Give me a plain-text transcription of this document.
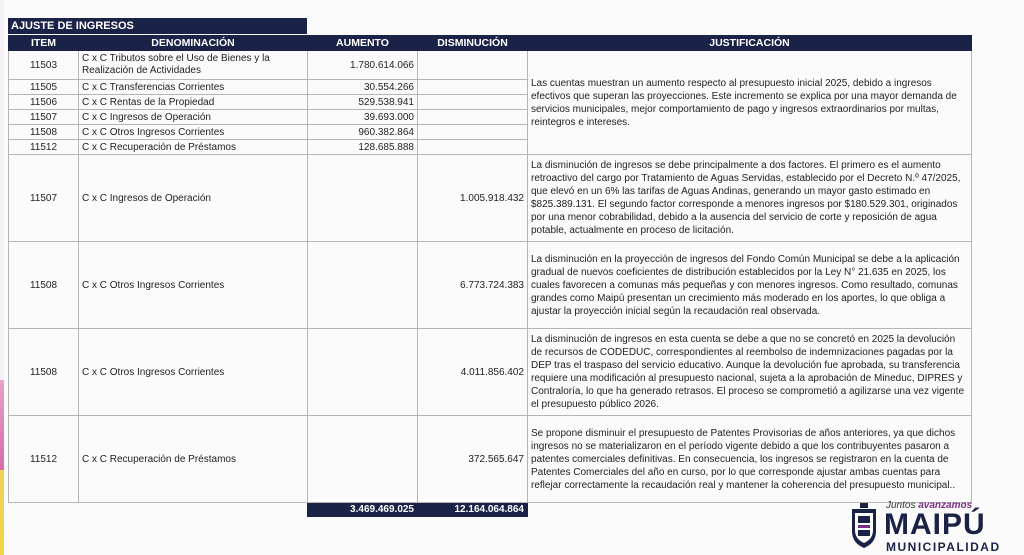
AJUSTE DE INGRESOS
ITEM	DENOMINACIÓN	AUMENTO	DISMINUCIÓN	JUSTIFICACIÓN
11503	C x C Tributos sobre el Uso de Bienes y la Realización de Actividades	1.780.614.066		Las cuentas muestran un aumento respecto al presupuesto inicial 2025, debido a ingresos efectivos que superan las proyecciones. Este incremento se explica por una mayor demanda de servicios municipales, mejor comportamiento de pago y ingresos extraordinarios por multas, reintegros e intereses.
11505	C x C Transferencias Corrientes	30.554.266		
11506	C x C Rentas de la Propiedad	529.538.941		
11507	C x C Ingresos de Operación	39.693.000		
11508	C x C Otros Ingresos Corrientes	960.382.864		
11512	C x C Recuperación de Préstamos	128.685.888		
11507	C x C Ingresos de Operación		1.005.918.432	La disminución de ingresos se debe principalmente a dos factores. El primero es el aumento retroactivo del cargo por Tratamiento de Aguas Servidas, establecido por el Decreto N.º 47/2025, que elevó en un 6% las tarifas de Aguas Andinas, generando un mayor gasto estimado en $825.389.131. El segundo factor corresponde a menores ingresos por $180.529.301, originados por una menor cobrabilidad, debido a la ausencia del servicio de corte y reposición de agua potable, actualmente en proceso de licitación.
11508	C x C Otros Ingresos Corrientes		6.773.724.383	La disminución en la proyección de ingresos del Fondo Común Municipal se debe a la aplicación gradual de nuevos coeficientes de distribución establecidos por la Ley N° 21.635 en 2025, los cuales favorecen a comunas más pequeñas y con menores ingresos. Como resultado, comunas grandes como Maipú presentan un crecimiento más moderado en los aportes, lo que obliga a ajustar la proyección inicial según la recaudación real observada.
11508	C x C Otros Ingresos Corrientes		4.011.856.402	La disminución de ingresos en esta cuenta se debe a que no se concretó en 2025 la devolución de recursos de CODEDUC, correspondientes al reembolso de indemnizaciones pagadas por la DEP tras el traspaso del servicio educativo. Aunque la devolución fue aprobada, su transferencia requiere una modificación al presupuesto nacional, sujeta a la aprobación de Mineduc, DIPRES y Contraloría, lo que ha generado retrasos. El proceso se comprometió a agilizarse una vez vigente el presupuesto público 2026.
11512	C x C Recuperación de Préstamos		372.565.647	Se propone disminuir el presupuesto de Patentes Provisorias de años anteriores, ya que dichos ingresos no se materializaron en el período vigente debido a que los contribuyentes pasaron a patentes comerciales definitivas. En consecuencia, los ingresos se registraron en la cuenta de Patentes Comerciales del año en curso, por lo que corresponde ajustar ambas cuentas para reflejar correctamente la recaudación real y mantener la coherencia del presupuesto municipal..
		3.469.469.025	12.164.064.864		Juntos avanzamos
MAIPÚ
MUNICIPALIDAD
